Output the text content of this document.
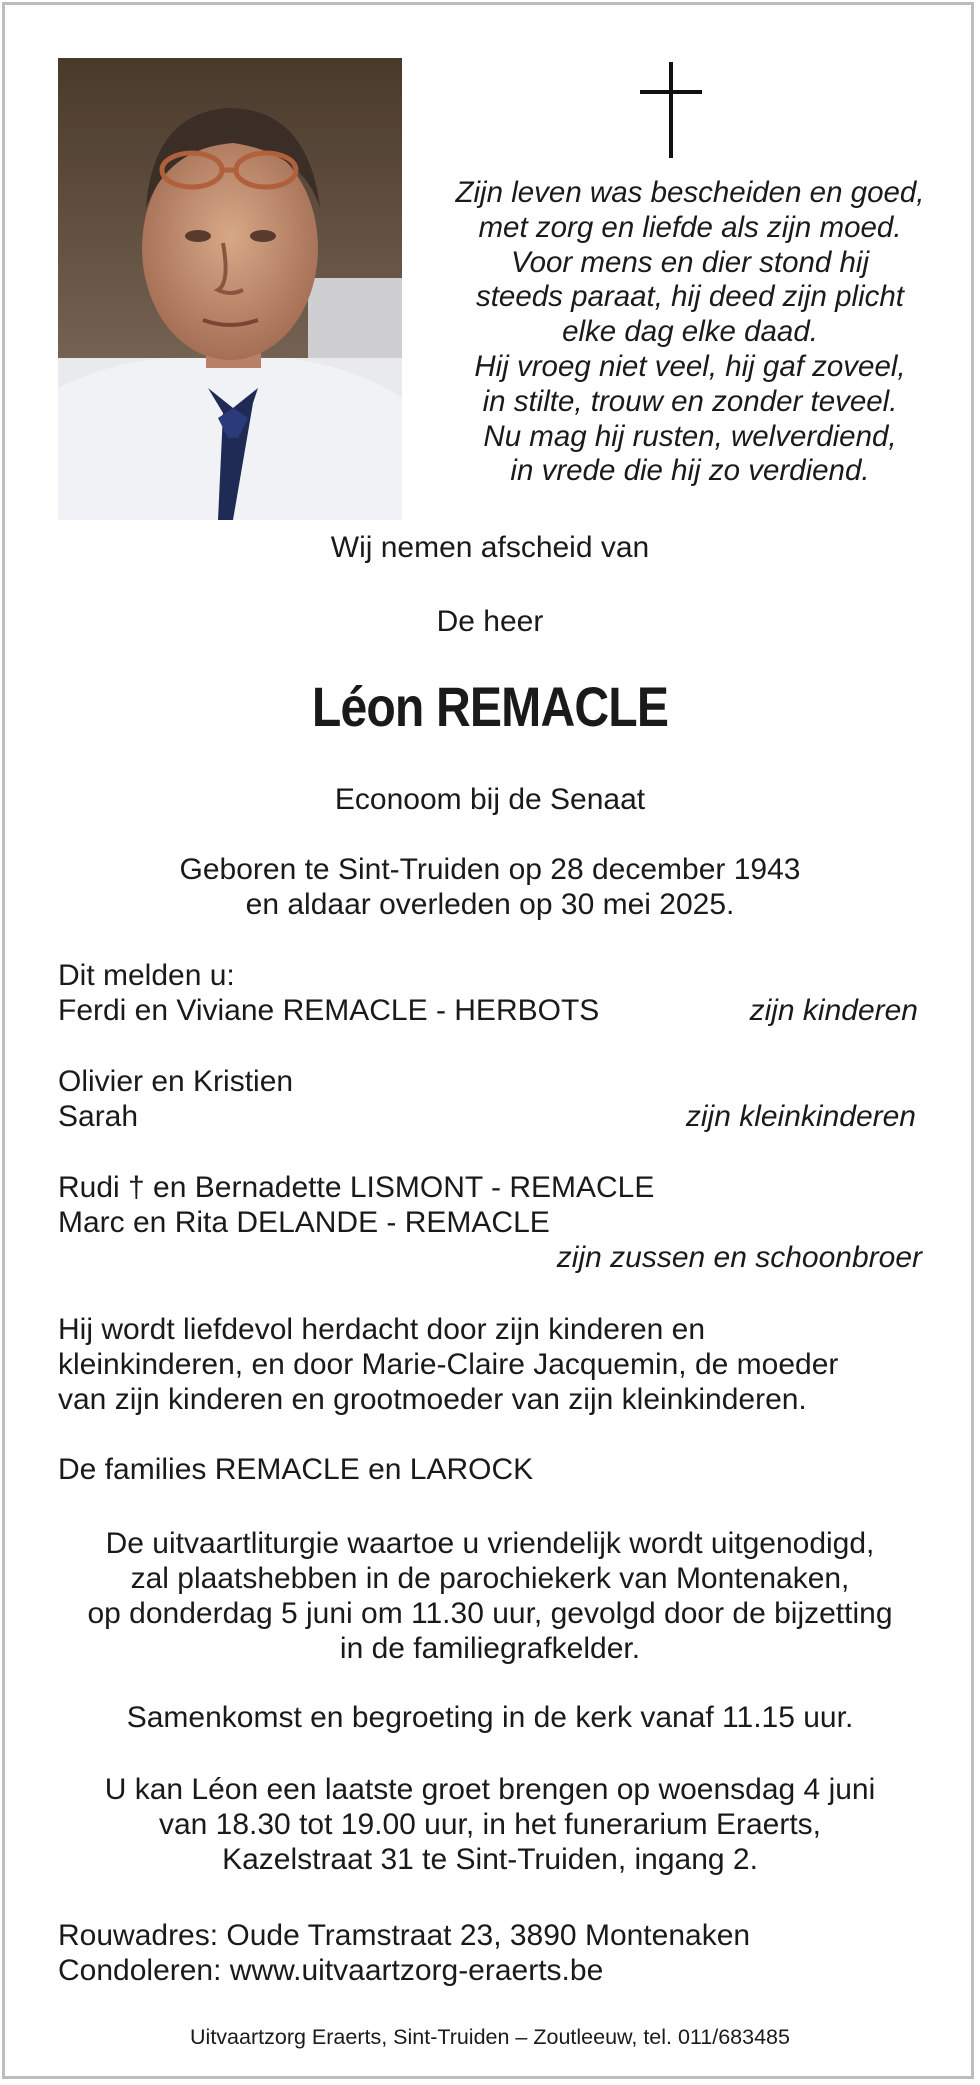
Zijn leven was bescheiden en goed,
met zorg en liefde als zijn moed.
Voor mens en dier stond hij
steeds paraat, hij deed zijn plicht
elke dag elke daad.
Hij vroeg niet veel, hij gaf zoveel,
in stilte, trouw en zonder teveel.
Nu mag hij rusten, welverdiend,
in vrede die hij zo verdiend.
Wij nemen afscheid van
De heer
Léon REMACLE
Econoom bij de Senaat
Geboren te Sint-Truiden op 28 december 1943
en aldaar overleden op 30 mei 2025.
Dit melden u:
Ferdi en Viviane REMACLE - HERBOTS	zijn kinderen
Olivier en Kristien
Sarah	zijn kleinkinderen
Rudi † en Bernadette LISMONT - REMACLE
Marc en Rita DELANDE - REMACLE
zijn zussen en schoonbroer
Hij wordt liefdevol herdacht door zijn kinderen en
kleinkinderen, en door Marie-Claire Jacquemin, de moeder
van zijn kinderen en grootmoeder van zijn kleinkinderen.
De families REMACLE en LAROCK
De uitvaartliturgie waartoe u vriendelijk wordt uitgenodigd,
zal plaatshebben in de parochiekerk van Montenaken,
op donderdag 5 juni om 11.30 uur, gevolgd door de bijzetting
in de familiegrafkelder.
Samenkomst en begroeting in de kerk vanaf 11.15 uur.
U kan Léon een laatste groet brengen op woensdag 4 juni
van 18.30 tot 19.00 uur, in het funerarium Eraerts,
Kazelstraat 31 te Sint-Truiden, ingang 2.
Rouwadres: Oude Tramstraat 23, 3890 Montenaken
Condoleren: www.uitvaartzorg-eraerts.be
Uitvaartzorg Eraerts, Sint-Truiden – Zoutleeuw, tel. 011/683485
